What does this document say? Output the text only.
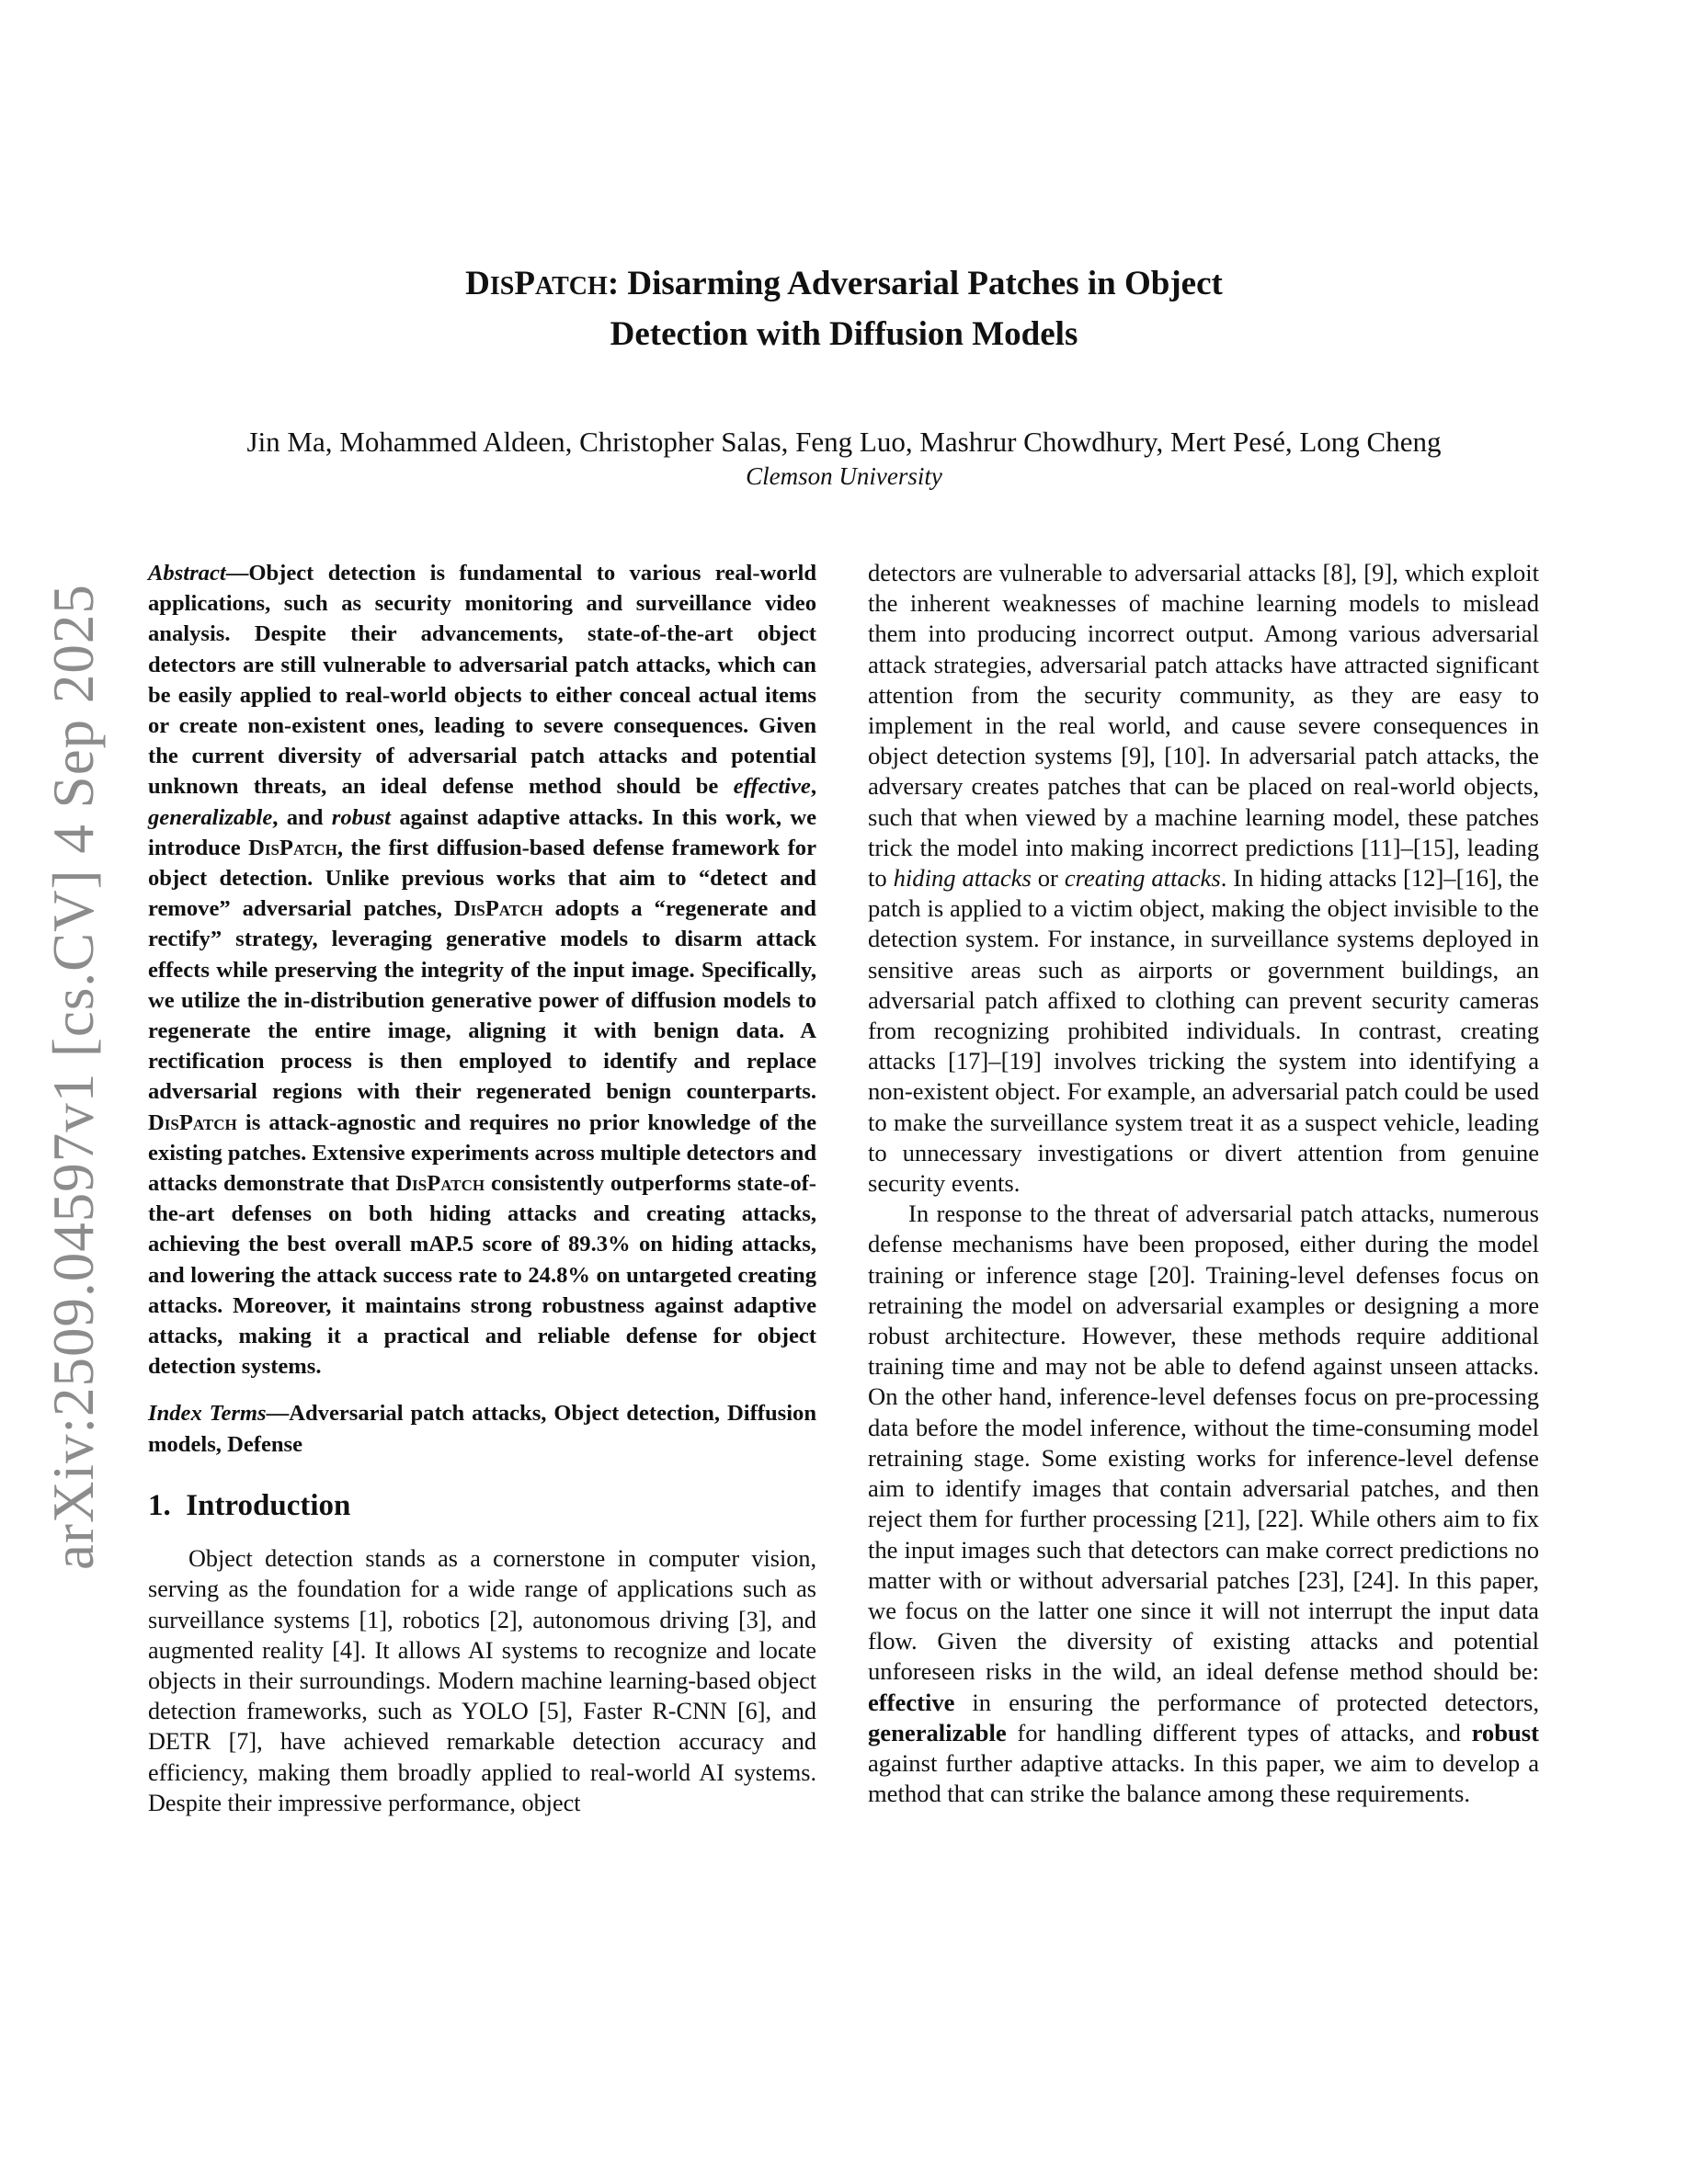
arXiv:2509.04597v1 [cs.CV] 4 Sep 2025
DISPATCH: Disarming Adversarial Patches in Object
Detection with Diffusion Models
Jin Ma, Mohammed Aldeen, Christopher Salas, Feng Luo, Mashrur Chowdhury, Mert Pesé, Long Cheng
Clemson University

Abstract—Object detection is fundamental to various real-world applications, such as security monitoring and surveillance video analysis. Despite their advancements, state-of-the-art object detectors are still vulnerable to adversarial patch attacks, which can be easily applied to real-world objects to either conceal actual items or create non-existent ones, leading to severe consequences. Given the current diversity of adversarial patch attacks and potential unknown threats, an ideal defense method should be effective, generalizable, and robust against adaptive attacks. In this work, we introduce DisPatch, the first diffusion-based defense framework for object detection. Unlike previous works that aim to “detect and remove” adversarial patches, DisPatch adopts a “regenerate and rectify” strategy, leveraging generative models to disarm attack effects while preserving the integrity of the input image. Specifically, we utilize the in-distribution generative power of diffusion models to regenerate the entire image, aligning it with benign data. A rectification process is then employed to identify and replace adversarial regions with their regenerated benign counterparts. DisPatch is attack-agnostic and requires no prior knowledge of the existing patches. Extensive experiments across multiple detectors and attacks demonstrate that DisPatch consistently outperforms state-of-the-art defenses on both hiding attacks and creating attacks, achieving the best overall mAP.5 score of 89.3% on hiding attacks, and lowering the attack success rate to 24.8% on untargeted creating attacks. Moreover, it maintains strong robustness against adaptive attacks, making it a practical and reliable defense for object detection systems.

Index Terms—Adversarial patch attacks, Object detection, Diffusion models, Defense

1. Introduction

Object detection stands as a cornerstone in computer vision, serving as the foundation for a wide range of applications such as surveillance systems [1], robotics [2], autonomous driving [3], and augmented reality [4]. It allows AI systems to recognize and locate objects in their surroundings. Modern machine learning-based object detection frameworks, such as YOLO [5], Faster R-CNN [6], and DETR [7], have achieved remarkable detection accuracy and efficiency, making them broadly applied to real-world AI systems. Despite their impressive performance, object

detectors are vulnerable to adversarial attacks [8], [9], which exploit the inherent weaknesses of machine learning models to mislead them into producing incorrect output. Among various adversarial attack strategies, adversarial patch attacks have attracted significant attention from the security community, as they are easy to implement in the real world, and cause severe consequences in object detection systems [9], [10]. In adversarial patch attacks, the adversary creates patches that can be placed on real-world objects, such that when viewed by a machine learning model, these patches trick the model into making incorrect predictions [11]–[15], leading to hiding attacks or creating attacks. In hiding attacks [12]–[16], the patch is applied to a victim object, making the object invisible to the detection system. For instance, in surveillance systems deployed in sensitive areas such as airports or government buildings, an adversarial patch affixed to clothing can prevent security cameras from recognizing prohibited individuals. In contrast, creating attacks [17]–[19] involves tricking the system into identifying a non-existent object. For example, an adversarial patch could be used to make the surveillance system treat it as a suspect vehicle, leading to unnecessary investigations or divert attention from genuine security events.

In response to the threat of adversarial patch attacks, numerous defense mechanisms have been proposed, either during the model training or inference stage [20]. Training-level defenses focus on retraining the model on adversarial examples or designing a more robust architecture. However, these methods require additional training time and may not be able to defend against unseen attacks. On the other hand, inference-level defenses focus on pre-processing data before the model inference, without the time-consuming model retraining stage. Some existing works for inference-level defense aim to identify images that contain adversarial patches, and then reject them for further processing [21], [22]. While others aim to fix the input images such that detectors can make correct predictions no matter with or without adversarial patches [23], [24]. In this paper, we focus on the latter one since it will not interrupt the input data flow. Given the diversity of existing attacks and potential unforeseen risks in the wild, an ideal defense method should be: effective in ensuring the performance of protected detectors, generalizable for handling different types of attacks, and robust against further adaptive attacks. In this paper, we aim to develop a method that can strike the balance among these requirements.
